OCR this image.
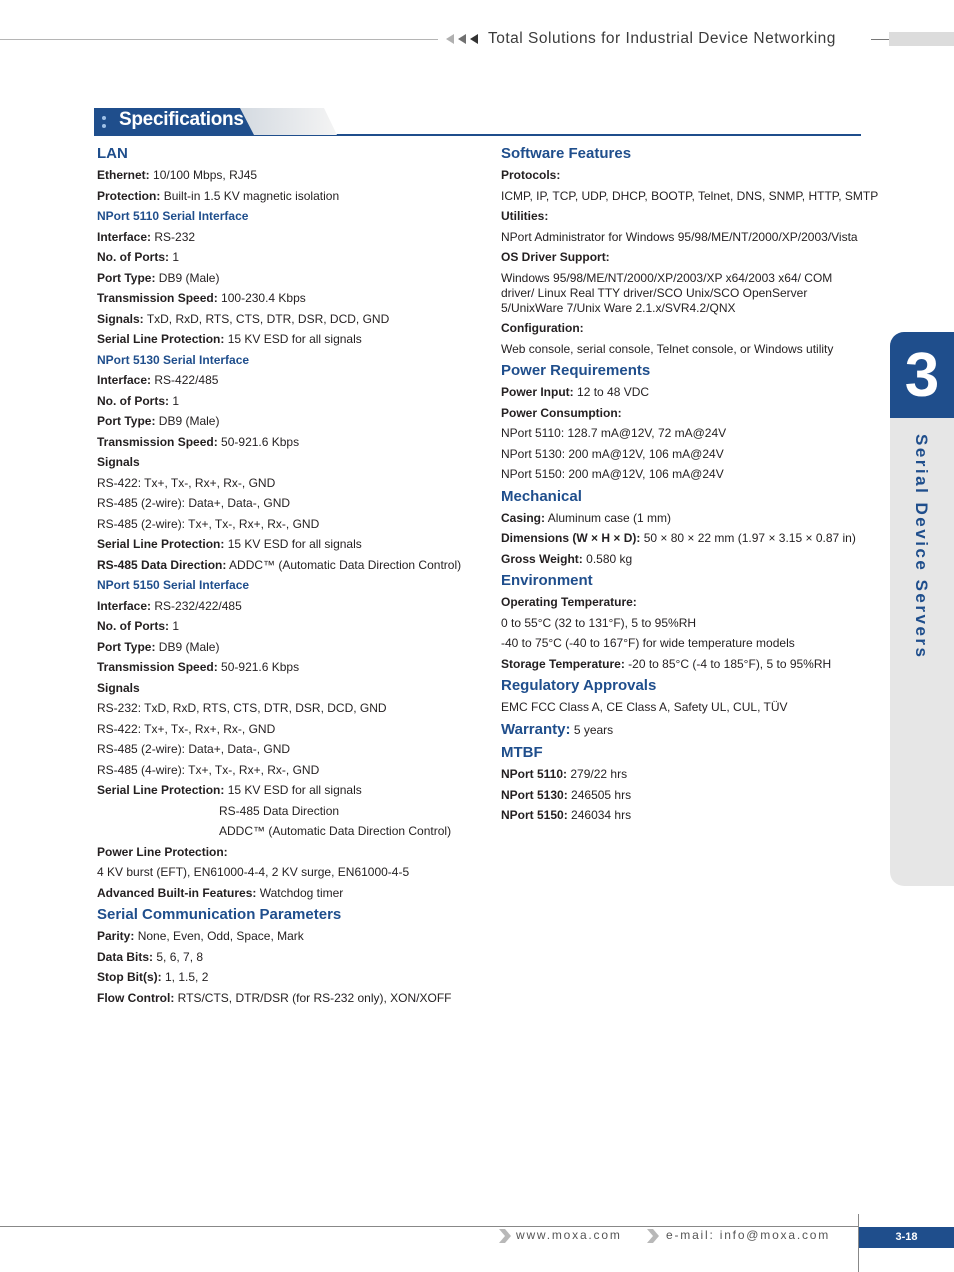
Total Solutions for Industrial Device Networking
Specifications
LAN
Ethernet: 10/100 Mbps, RJ45
Protection: Built-in 1.5 KV magnetic isolation
NPort 5110 Serial Interface
Interface: RS-232
No. of Ports: 1
Port Type: DB9 (Male)
Transmission Speed: 100-230.4 Kbps
Signals: TxD, RxD, RTS, CTS, DTR, DSR, DCD, GND
Serial Line Protection: 15 KV ESD for all signals
NPort 5130 Serial Interface
Interface: RS-422/485
No. of Ports: 1
Port Type: DB9 (Male)
Transmission Speed: 50-921.6 Kbps
Signals
RS-422: Tx+, Tx-, Rx+, Rx-, GND
RS-485 (2-wire): Data+, Data-, GND
RS-485 (2-wire): Tx+, Tx-, Rx+, Rx-, GND
Serial Line Protection: 15 KV ESD for all signals
RS-485 Data Direction: ADDC™ (Automatic Data Direction Control)
NPort 5150 Serial Interface
Interface: RS-232/422/485
No. of Ports: 1
Port Type: DB9 (Male)
Transmission Speed: 50-921.6 Kbps
Signals
RS-232: TxD, RxD, RTS, CTS, DTR, DSR, DCD, GND
RS-422: Tx+, Tx-, Rx+, Rx-, GND
RS-485 (2-wire): Data+, Data-, GND
RS-485 (4-wire): Tx+, Tx-, Rx+, Rx-, GND
Serial Line Protection: 15 KV ESD for all signals
RS-485 Data Direction
ADDC™ (Automatic Data Direction Control)
Power Line Protection:
4 KV burst (EFT), EN61000-4-4, 2 KV surge, EN61000-4-5
Advanced Built-in Features: Watchdog timer
Serial Communication Parameters
Parity: None, Even, Odd, Space, Mark
Data Bits: 5, 6, 7, 8
Stop Bit(s): 1, 1.5, 2
Flow Control: RTS/CTS, DTR/DSR (for RS-232 only), XON/XOFF
Software Features
Protocols:
ICMP, IP, TCP, UDP, DHCP, BOOTP, Telnet, DNS, SNMP, HTTP, SMTP
Utilities:
NPort Administrator for Windows 95/98/ME/NT/2000/XP/2003/Vista
OS Driver Support:
Windows 95/98/ME/NT/2000/XP/2003/XP x64/2003 x64/ COM driver/ Linux Real TTY driver/SCO Unix/SCO OpenServer 5/UnixWare 7/Unix Ware 2.1.x/SVR4.2/QNX
Configuration:
Web console, serial console, Telnet console, or Windows utility
Power Requirements
Power Input: 12 to 48 VDC
Power Consumption:
NPort 5110: 128.7 mA@12V, 72 mA@24V
NPort 5130: 200 mA@12V, 106 mA@24V
NPort 5150: 200 mA@12V, 106 mA@24V
Mechanical
Casing: Aluminum case (1 mm)
Dimensions (W × H × D): 50 × 80 × 22 mm (1.97 × 3.15 × 0.87 in)
Gross Weight: 0.580 kg
Environment
Operating Temperature:
0 to 55°C (32 to 131°F), 5 to 95%RH
-40 to 75°C (-40 to 167°F) for wide temperature models
Storage Temperature: -20 to 85°C (-4 to 185°F), 5 to 95%RH
Regulatory Approvals
EMC FCC Class A, CE Class A, Safety UL, CUL, TÜV
Warranty: 5 years
MTBF
NPort 5110: 279/22 hrs
NPort 5130: 246505 hrs
NPort 5150: 246034 hrs
3
Serial Device Servers
www.moxa.com	e-mail: info@moxa.com	3-18
